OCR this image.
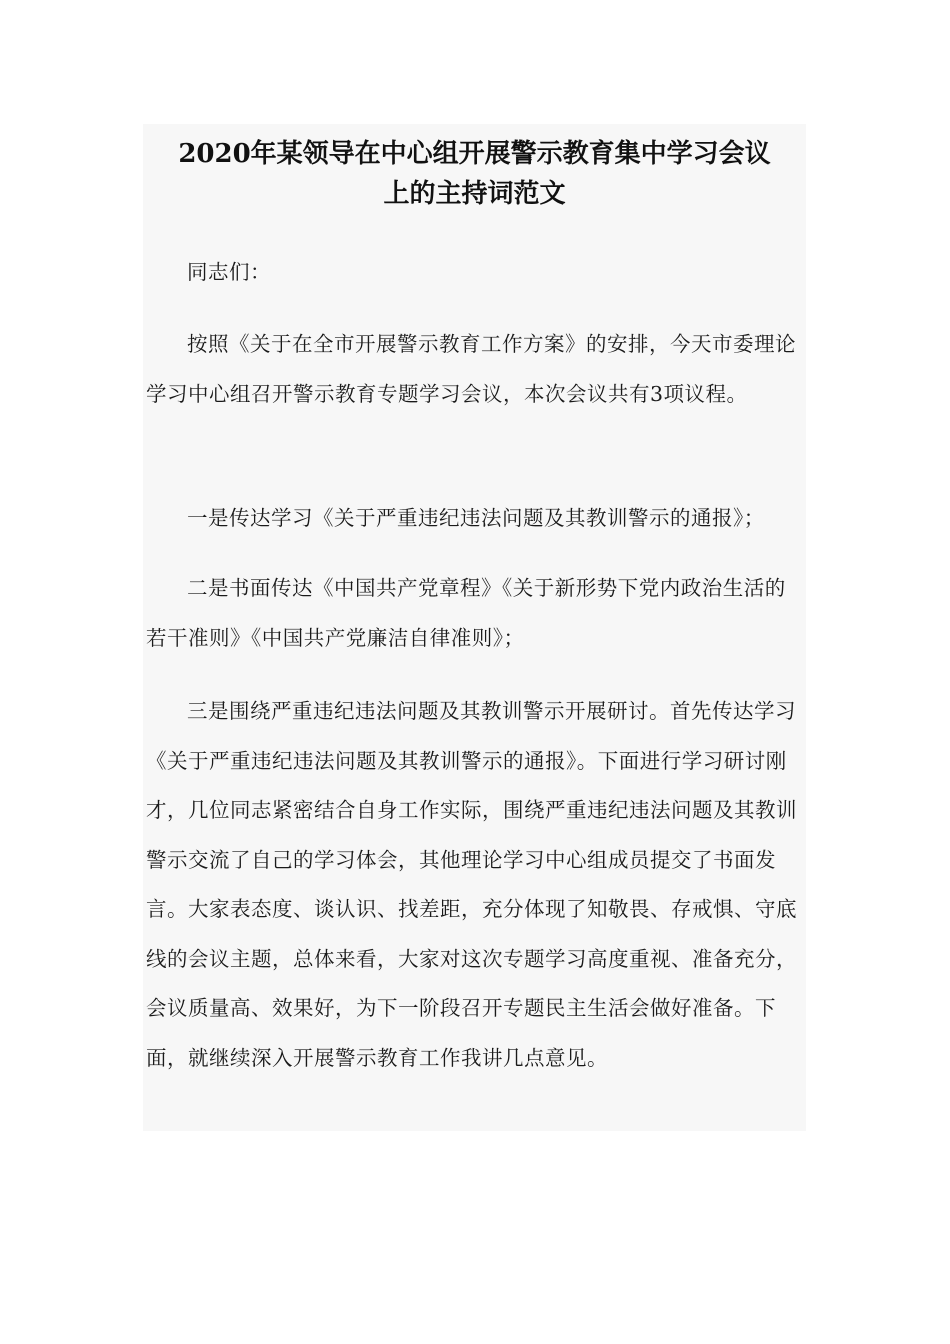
2020年某领导在中心组开展警示教育集中学习会议
上的主持词范文

同志们：

按照《关于在全市开展警示教育工作方案》的安排，今天市委理论学习中心组召开警示教育专题学习会议，本次会议共有3项议程。

一是传达学习《关于严重违纪违法问题及其教训警示的通报》；

二是书面传达《中国共产党章程》《关于新形势下党内政治生活的若干准则》《中国共产党廉洁自律准则》；

三是围绕严重违纪违法问题及其教训警示开展研讨。首先传达学习《关于严重违纪违法问题及其教训警示的通报》。下面进行学习研讨刚才，几位同志紧密结合自身工作实际，围绕严重违纪违法问题及其教训警示交流了自己的学习体会，其他理论学习中心组成员提交了书面发言。大家表态度、谈认识、找差距，充分体现了知敬畏、存戒惧、守底线的会议主题，总体来看，大家对这次专题学习高度重视、准备充分，会议质量高、效果好，为下一阶段召开专题民主生活会做好准备。下面，就继续深入开展警示教育工作我讲几点意见。
